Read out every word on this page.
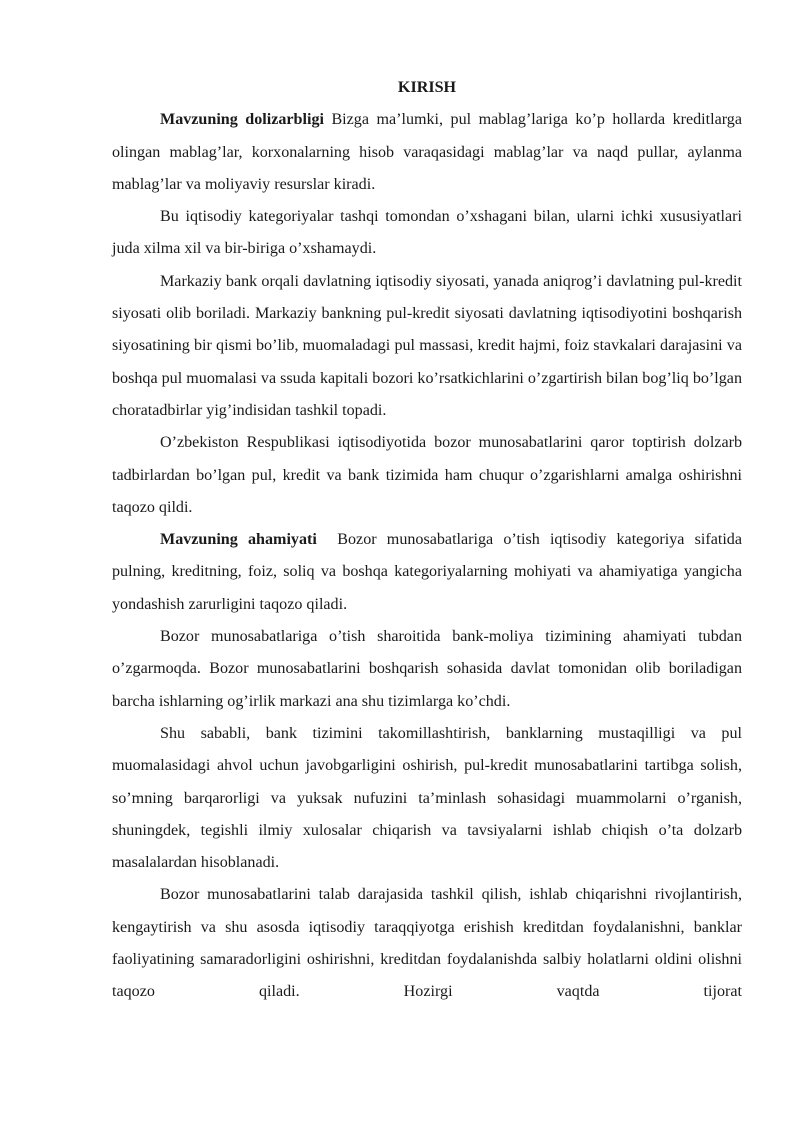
KIRISH

Mavzuning dolizarbligi Bizga ma’lumki, pul mablag’lariga ko’p hollarda kreditlarga olingan mablag’lar, korxonalarning hisob varaqasidagi mablag’lar va naqd pullar, aylanma mablag’lar va moliyaviy resurslar kiradi.

Bu iqtisodiy kategoriyalar tashqi tomondan o’xshagani bilan, ularni ichki xususiyatlari juda xilma xil va bir-biriga o’xshamaydi.

Markaziy bank orqali davlatning iqtisodiy siyosati, yanada aniqrog’i davlatning pul-kredit siyosati olib boriladi. Markaziy bankning pul-kredit siyosati davlatning iqtisodiyotini boshqarish siyosatining bir qismi bo’lib, muomaladagi pul massasi, kredit hajmi, foiz stavkalari darajasini va boshqa pul muomalasi va ssuda kapitali bozori ko’rsatkichlarini o’zgartirish bilan bog’liq bo’lgan choratadbirlar yig’indisidan tashkil topadi.

O’zbekiston Respublikasi iqtisodiyotida bozor munosabatlarini qaror toptirish dolzarb tadbirlardan bo’lgan pul, kredit va bank tizimida ham chuqur o’zgarishlarni amalga oshirishni taqozo qildi.

Mavzuning ahamiyati  Bozor munosabatlariga o’tish iqtisodiy kategoriya sifatida pulning, kreditning, foiz, soliq va boshqa kategoriyalarning mohiyati va ahamiyatiga yangicha yondashish zarurligini taqozo qiladi.

Bozor munosabatlariga o’tish sharoitida bank-moliya tizimining ahamiyati tubdan o’zgarmoqda. Bozor munosabatlarini boshqarish sohasida davlat tomonidan olib boriladigan barcha ishlarning og’irlik markazi ana shu tizimlarga ko’chdi.

Shu sababli, bank tizimini takomillashtirish, banklarning mustaqilligi va pul muomalasidagi ahvol uchun javobgarligini oshirish, pul-kredit munosabatlarini tartibga solish, so’mning barqarorligi va yuksak nufuzini ta’minlash sohasidagi muammolarni o’rganish, shuningdek, tegishli ilmiy xulosalar chiqarish va tavsiyalarni ishlab chiqish o’ta dolzarb masalalardan hisoblanadi.

Bozor munosabatlarini talab darajasida tashkil qilish, ishlab chiqarishni rivojlantirish, kengaytirish va shu asosda iqtisodiy taraqqiyotga erishish kreditdan foydalanishni, banklar faoliyatining samaradorligini oshirishni, kreditdan foydalanishda salbiy holatlarni oldini olishni taqozo qiladi. Hozirgi vaqtda tijorat
